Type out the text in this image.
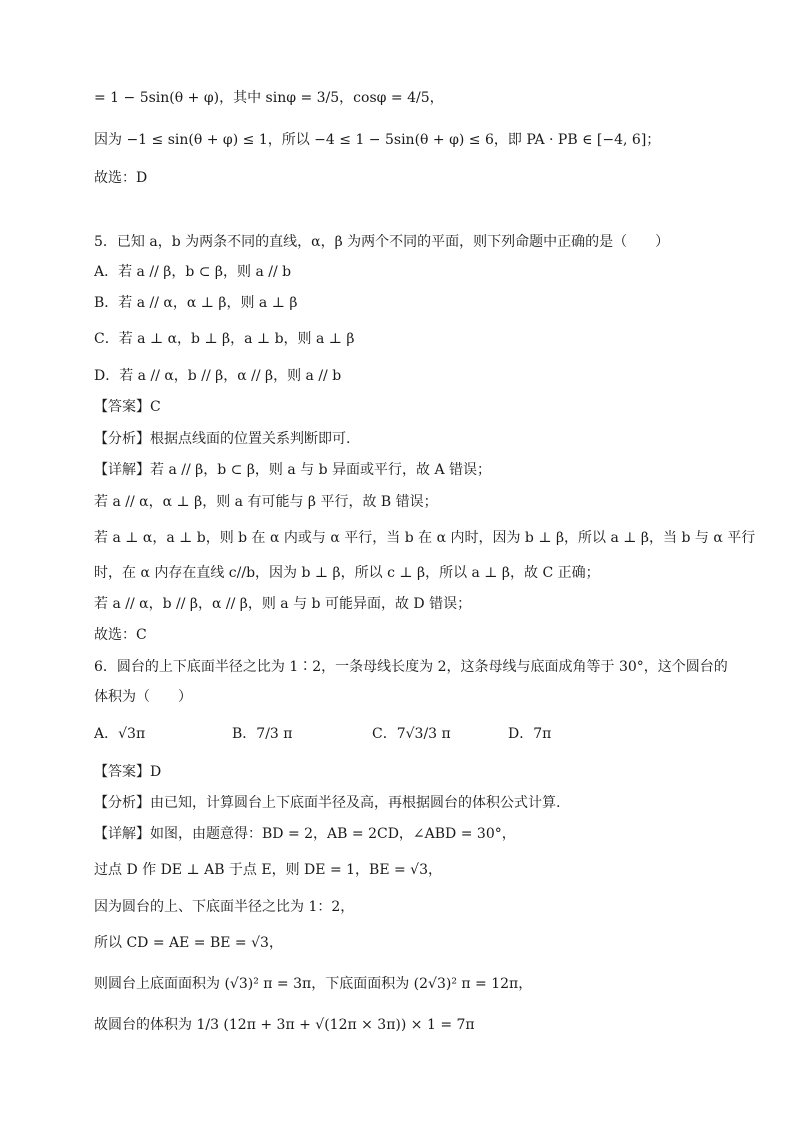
= 1 − 5sin(θ + φ)，其中 sinφ = 3/5，cosφ = 4/5，
因为 −1 ≤ sin(θ + φ) ≤ 1，所以 −4 ≤ 1 − 5sin(θ + φ) ≤ 6，即 PA · PB ∈ [−4, 6]；
故选：D
5．已知 a，b 为两条不同的直线，α，β 为两个不同的平面，则下列命题中正确的是（　　）
A．若 a // β，b ⊂ β，则 a // b
B．若 a // α，α ⊥ β，则 a ⊥ β
C．若 a ⊥ α，b ⊥ β，a ⊥ b，则 a ⊥ β
D．若 a // α，b // β，α // β，则 a // b
【答案】C
【分析】根据点线面的位置关系判断即可.
【详解】若 a // β，b ⊂ β，则 a 与 b 异面或平行，故 A 错误；
若 a // α，α ⊥ β，则 a 有可能与 β 平行，故 B 错误；
若 a ⊥ α，a ⊥ b，则 b 在 α 内或与 α 平行，当 b 在 α 内时，因为 b ⊥ β，所以 a ⊥ β，当 b 与 α 平行
时，在 α 内存在直线 c//b，因为 b ⊥ β，所以 c ⊥ β，所以 a ⊥ β，故 C 正确；
若 a // α，b // β，α // β，则 a 与 b 可能异面，故 D 错误；
故选：C
6．圆台的上下底面半径之比为 1∶2，一条母线长度为 2，这条母线与底面成角等于 30°，这个圆台的
体积为（　　）
A．√3π	B．7/3 π	C．7√3/3 π	D．7π
【答案】D
【分析】由已知，计算圆台上下底面半径及高，再根据圆台的体积公式计算.
【详解】如图，由题意得：BD = 2，AB = 2CD，∠ABD = 30°，
过点 D 作 DE ⊥ AB 于点 E，则 DE = 1，BE = √3，
因为圆台的上、下底面半径之比为 1：2，
所以 CD = AE = BE = √3，
则圆台上底面面积为 (√3)² π = 3π，下底面面积为 (2√3)² π = 12π，
故圆台的体积为 1/3 (12π + 3π + √(12π × 3π)) × 1 = 7π
